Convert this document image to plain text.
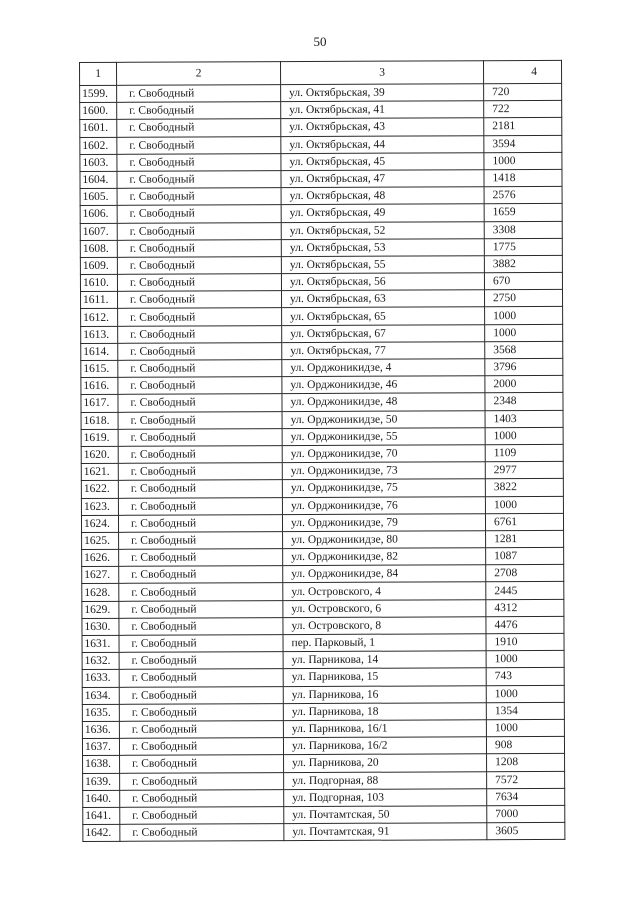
50
1	2	3	4
1599.	г. Свободный	ул. Октябрьская, 39	720
1600.	г. Свободный	ул. Октябрьская, 41	722
1601.	г. Свободный	ул. Октябрьская, 43	2181
1602.	г. Свободный	ул. Октябрьская, 44	3594
1603.	г. Свободный	ул. Октябрьская, 45	1000
1604.	г. Свободный	ул. Октябрьская, 47	1418
1605.	г. Свободный	ул. Октябрьская, 48	2576
1606.	г. Свободный	ул. Октябрьская, 49	1659
1607.	г. Свободный	ул. Октябрьская, 52	3308
1608.	г. Свободный	ул. Октябрьская, 53	1775
1609.	г. Свободный	ул. Октябрьская, 55	3882
1610.	г. Свободный	ул. Октябрьская, 56	670
1611.	г. Свободный	ул. Октябрьская, 63	2750
1612.	г. Свободный	ул. Октябрьская, 65	1000
1613.	г. Свободный	ул. Октябрьская, 67	1000
1614.	г. Свободный	ул. Октябрьская, 77	3568
1615.	г. Свободный	ул. Орджоникидзе, 4	3796
1616.	г. Свободный	ул. Орджоникидзе, 46	2000
1617.	г. Свободный	ул. Орджоникидзе, 48	2348
1618.	г. Свободный	ул. Орджоникидзе, 50	1403
1619.	г. Свободный	ул. Орджоникидзе, 55	1000
1620.	г. Свободный	ул. Орджоникидзе, 70	1109
1621.	г. Свободный	ул. Орджоникидзе, 73	2977
1622.	г. Свободный	ул. Орджоникидзе, 75	3822
1623.	г. Свободный	ул. Орджоникидзе, 76	1000
1624.	г. Свободный	ул. Орджоникидзе, 79	6761
1625.	г. Свободный	ул. Орджоникидзе, 80	1281
1626.	г. Свободный	ул. Орджоникидзе, 82	1087
1627.	г. Свободный	ул. Орджоникидзе, 84	2708
1628.	г. Свободный	ул. Островского, 4	2445
1629.	г. Свободный	ул. Островского, 6	4312
1630.	г. Свободный	ул. Островского, 8	4476
1631.	г. Свободный	пер. Парковый, 1	1910
1632.	г. Свободный	ул. Парникова, 14	1000
1633.	г. Свободный	ул. Парникова, 15	743
1634.	г. Свободный	ул. Парникова, 16	1000
1635.	г. Свободный	ул. Парникова, 18	1354
1636.	г. Свободный	ул. Парникова, 16/1	1000
1637.	г. Свободный	ул. Парникова, 16/2	908
1638.	г. Свободный	ул. Парникова, 20	1208
1639.	г. Свободный	ул. Подгорная, 88	7572
1640.	г. Свободный	ул. Подгорная, 103	7634
1641.	г. Свободный	ул. Почтамтская, 50	7000
1642.	г. Свободный	ул. Почтамтская, 91	3605
